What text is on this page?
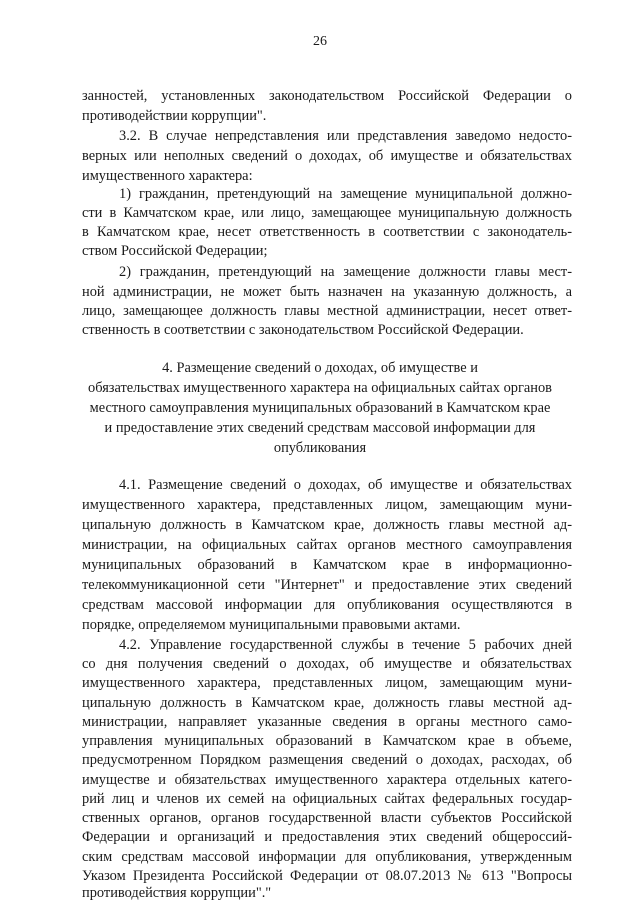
26
занностей, установленных законодательством Российской Федерации о
противодействии коррупции".
3.2. В случае непредставления или представления заведомо недосто-
верных или неполных сведений о доходах, об имуществе и обязательствах
имущественного характера:
1) гражданин, претендующий на замещение муниципальной должно-
сти в Камчатском крае, или лицо, замещающее муниципальную должность
в Камчатском крае, несет ответственность в соответствии с законодатель-
ством Российской Федерации;
2) гражданин, претендующий на замещение должности главы мест-
ной администрации, не может быть назначен на указанную должность, а
лицо, замещающее должность главы местной администрации, несет ответ-
ственность в соответствии с законодательством Российской Федерации.
4. Размещение сведений о доходах, об имуществе и
обязательствах имущественного характера на официальных сайтах органов
местного самоуправления муниципальных образований в Камчатском крае
и предоставление этих сведений средствам массовой информации для
опубликования
4.1. Размещение сведений о доходах, об имуществе и обязательствах
имущественного характера, представленных лицом, замещающим муни-
ципальную должность в Камчатском крае, должность главы местной ад-
министрации, на официальных сайтах органов местного самоуправления
муниципальных образований в Камчатском крае в информационно-
телекоммуникационной сети "Интернет" и предоставление этих сведений
средствам массовой информации для опубликования осуществляются в
порядке, определяемом муниципальными правовыми актами.
4.2. Управление государственной службы в течение 5 рабочих дней
со дня получения сведений о доходах, об имуществе и обязательствах
имущественного характера, представленных лицом, замещающим муни-
ципальную должность в Камчатском крае, должность главы местной ад-
министрации, направляет указанные сведения в органы местного само-
управления муниципальных образований в Камчатском крае в объеме,
предусмотренном Порядком размещения сведений о доходах, расходах, об
имуществе и обязательствах имущественного характера отдельных катего-
рий лиц и членов их семей на официальных сайтах федеральных государ-
ственных органов, органов государственной власти субъектов Российской
Федерации и организаций и предоставления этих сведений общероссий-
ским средствам массовой информации для опубликования, утвержденным
Указом Президента Российской Федерации от 08.07.2013 № 613 "Вопросы
противодействия коррупции"."
